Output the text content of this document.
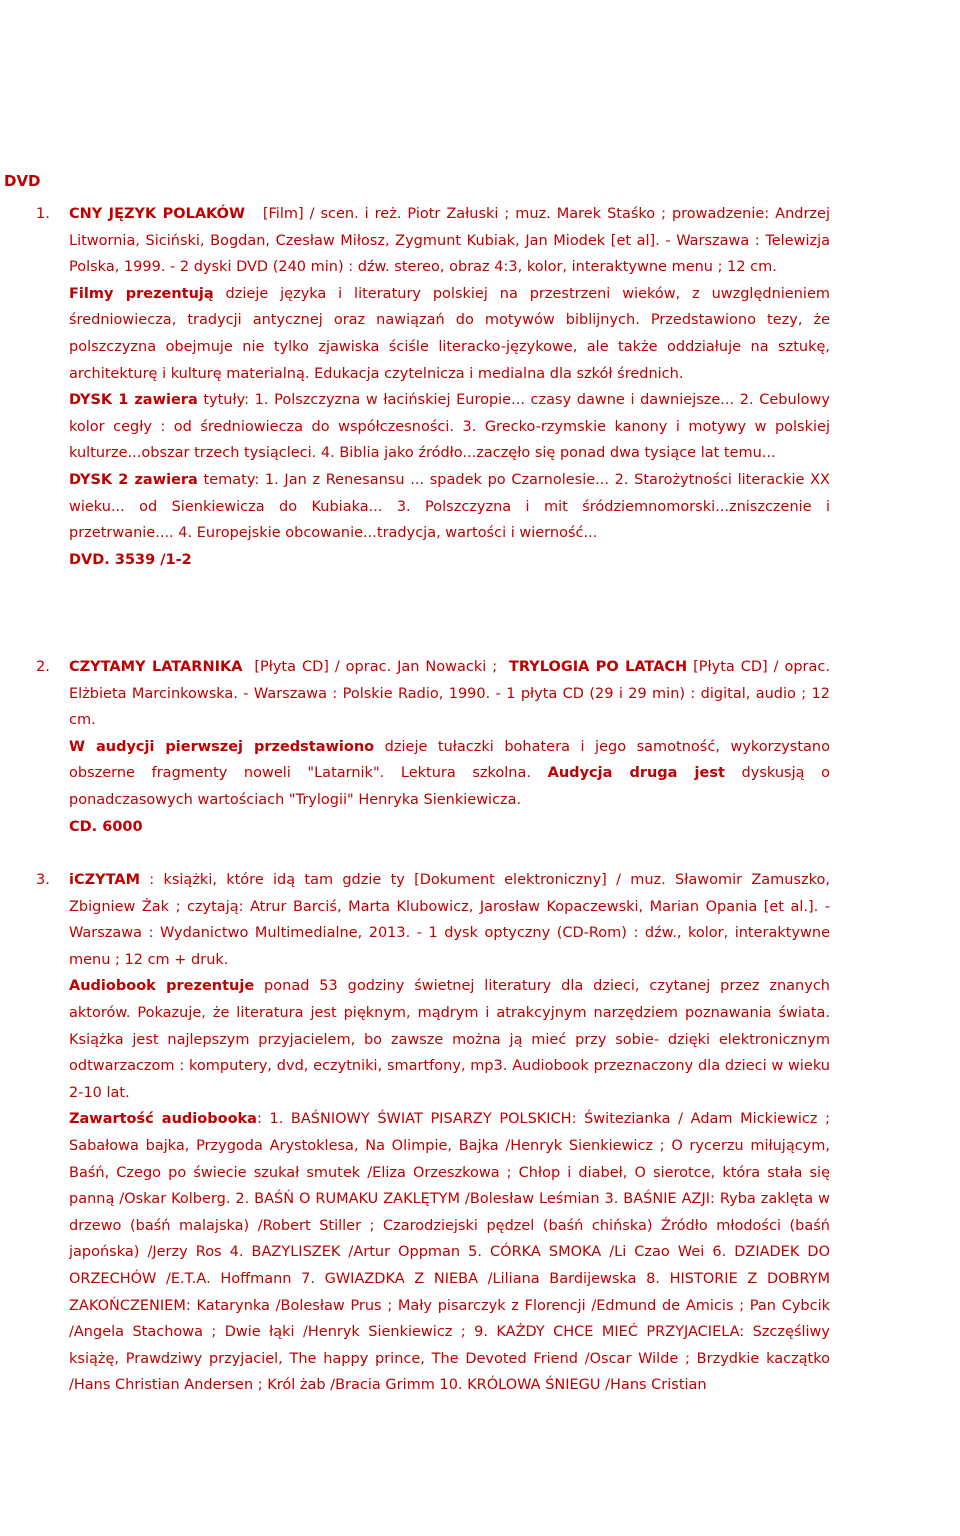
DVD
1.	CNY JĘZYK POLAKÓW   [Film] / scen. i reż. Piotr Załuski ; muz. Marek Staśko ; prowadzenie: Andrzej Litwornia, Siciński, Bogdan, Czesław Miłosz, Zygmunt Kubiak, Jan Miodek [et al]. - Warszawa : Telewizja Polska, 1999. - 2 dyski DVD (240 min) : dźw. stereo, obraz 4:3, kolor, interaktywne menu ; 12 cm.

Filmy prezentują dzieje języka i literatury polskiej na przestrzeni wieków, z uwzględnieniem średniowiecza, tradycji antycznej oraz nawiązań do motywów biblijnych. Przedstawiono tezy, że polszczyzna obejmuje nie tylko zjawiska ściśle literacko-językowe, ale także oddziałuje na sztukę, architekturę i kulturę materialną. Edukacja czytelnicza i medialna dla szkół średnich.

DYSK 1 zawiera tytuły: 1. Polszczyzna w łacińskiej Europie... czasy dawne i dawniejsze... 2. Cebulowy kolor cegły : od średniowiecza do współczesności. 3. Grecko-rzymskie kanony i motywy w polskiej kulturze...obszar trzech tysiącleci. 4. Biblia jako źródło...zaczęło się ponad dwa tysiące lat temu...

DYSK 2 zawiera tematy: 1. Jan z Renesansu ... spadek po Czarnolesie... 2. Starożytności literackie XX wieku... od Sienkiewicza do Kubiaka... 3. Polszczyzna i mit śródziemnomorski...zniszczenie i przetrwanie.... 4. Europejskie obcowanie...tradycja, wartości i wierność...

DVD. 3539 /1-2

2.	CZYTAMY LATARNIKA  [Płyta CD] / oprac. Jan Nowacki ;  TRYLOGIA PO LATACH [Płyta CD] / oprac. Elżbieta Marcinkowska. - Warszawa : Polskie Radio, 1990. - 1 płyta CD (29 i 29 min) : digital, audio ; 12 cm.

W audycji pierwszej przedstawiono dzieje tułaczki bohatera i jego samotność, wykorzystano obszerne fragmenty noweli "Latarnik". Lektura szkolna. Audycja druga jest dyskusją o ponadczasowych wartościach "Trylogii" Henryka Sienkiewicza.

CD. 6000

3.	iCZYTAM : książki, które idą tam gdzie ty [Dokument elektroniczny] / muz. Sławomir Zamuszko, Zbigniew Żak ; czytają: Atrur Barciś, Marta Klubowicz, Jarosław Kopaczewski, Marian Opania [et al.]. - Warszawa : Wydanictwo Multimedialne, 2013. - 1 dysk optyczny (CD-Rom) : dźw., kolor, interaktywne menu ; 12 cm + druk.

Audiobook prezentuje ponad 53 godziny świetnej literatury dla dzieci, czytanej przez znanych aktorów. Pokazuje, że literatura jest pięknym, mądrym i atrakcyjnym narzędziem poznawania świata. Książka jest najlepszym przyjacielem, bo zawsze można ją mieć przy sobie- dzięki elektronicznym odtwarzaczom : komputery, dvd, eczytniki, smartfony, mp3. Audiobook przeznaczony dla dzieci w wieku 2-10 lat.

Zawartość audiobooka: 1. BAŚNIOWY ŚWIAT PISARZY POLSKICH: Świtezianka / Adam Mickiewicz ; Sabałowa bajka, Przygoda Arystoklesa, Na Olimpie, Bajka /Henryk Sienkiewicz ; O rycerzu miłującym, Baśń, Czego po świecie szukał smutek /Eliza Orzeszkowa ; Chłop i diabeł, O sierotce, która stała się panną /Oskar Kolberg. 2. BAŚŃ O RUMAKU ZAKLĘTYM /Bolesław Leśmian 3. BAŚNIE AZJI: Ryba zaklęta w drzewo (baśń malajska) /Robert Stiller ; Czarodziejski pędzel (baśń chińska) Źródło młodości (baśń japońska) /Jerzy Ros 4. BAZYLISZEK /Artur Oppman 5. CÓRKA SMOKA /Li Czao Wei 6. DZIADEK DO ORZECHÓW /E.T.A. Hoffmann 7. GWIAZDKA Z NIEBA /Liliana Bardijewska 8. HISTORIE Z DOBRYM ZAKOŃCZENIEM: Katarynka /Bolesław Prus ; Mały pisarczyk z Florencji /Edmund de Amicis ; Pan Cybcik /Angela Stachowa ; Dwie łąki /Henryk Sienkiewicz ; 9. KAŻDY CHCE MIEĆ PRZYJACIELA: Szczęśliwy książę, Prawdziwy przyjaciel, The happy prince, The Devoted Friend /Oscar Wilde ; Brzydkie kaczątko /Hans Christian Andersen ; Król żab /Bracia Grimm 10. KRÓLOWA ŚNIEGU /Hans Cristian
